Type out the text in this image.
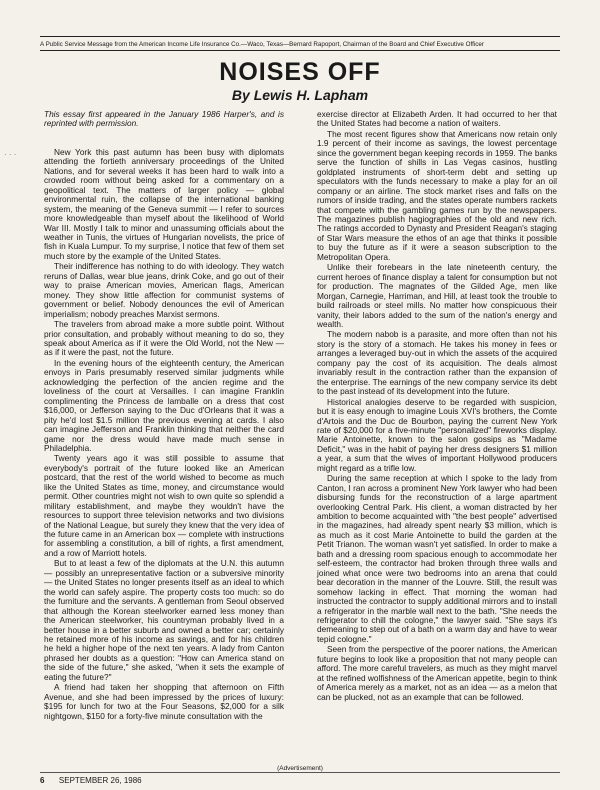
A Public Service Message from the American Income Life Insurance Co.—Waco, Texas—Bernard Rapoport, Chairman of the Board and Chief Executive Officer
NOISES OFF
By Lewis H. Lapham
· · ·

This essay first appeared in the January 1986 Harper's, and is reprinted with permission.

New York this past autumn has been busy with diplomats attending the fortieth anniversary proceedings of the United Nations, and for several weeks it has been hard to walk into a crowded room without being asked for a commentary on a geopolitical text. The matters of larger policy — global environmental ruin, the collapse of the international banking system, the meaning of the Geneva summit — I refer to sources more knowledgeable than myself about the likelihood of World War III. Mostly I talk to minor and unassuming officials about the weather in Tunis, the virtues of Hungarian novelists, the price of fish in Kuala Lumpur. To my surprise, I notice that few of them set much store by the example of the United States.

Their indifference has nothing to do with ideology. They watch reruns of Dallas, wear blue jeans, drink Coke, and go out of their way to praise American movies, American flags, American money. They show little affection for communist systems of government or belief. Nobody denounces the evil of American imperialism; nobody preaches Marxist sermons.

The travelers from abroad make a more subtle point. Without prior consultation, and probably without meaning to do so, they speak about America as if it were the Old World, not the New — as if it were the past, not the future.

In the evening hours of the eighteenth century, the American envoys in Paris presumably reserved similar judgments while acknowledging the perfection of the ancien regime and the loveliness of the court at Versailles. I can imagine Franklin complimenting the Princess de lamballe on a dress that cost $16,000, or Jefferson saying to the Duc d'Orleans that it was a pity he'd lost $1.5 million the previous evening at cards. I also can imagine Jefferson and Franklin thinking that neither the card game nor the dress would have made much sense in Philadelphia.

Twenty years ago it was still possible to assume that everybody's portrait of the future looked like an American postcard, that the rest of the world wished to become as much like the United States as time, money, and circumstance would permit. Other countries might not wish to own quite so splendid a military establishment, and maybe they wouldn't have the resources to support three television networks and two divisions of the National League, but surely they knew that the very idea of the future came in an American box — complete with instructions for assembling a constitution, a bill of rights, a first amendment, and a row of Marriott hotels.

But to at least a few of the diplomats at the U.N. this autumn — possibly an unrepresentative faction or a subversive minority — the United States no longer presents itself as an ideal to which the world can safely aspire. The property costs too much: so do the furniture and the servants. A gentleman from Seoul observed that although the Korean steelworker earned less money than the American steelworker, his countryman probably lived in a better house in a better suburb and owned a better car; certainly he retained more of his income as savings, and for his children he held a higher hope of the next ten years. A lady from Canton phrased her doubts as a question: "How can America stand on the side of the future," she asked, "when it sets the example of eating the future?"

A friend had taken her shopping that afternoon on Fifth Avenue, and she had been impressed by the prices of luxury: $195 for lunch for two at the Four Seasons, $2,000 for a silk nightgown, $150 for a forty-five minute consultation with the

exercise director at Elizabeth Arden. It had occurred to her that the United States had become a nation of waiters.

The most recent figures show that Americans now retain only 1.9 percent of their income as savings, the lowest percentage since the government began keeping records in 1959. The banks serve the function of shills in Las Vegas casinos, hustling goldplated instruments of short-term debt and setting up speculators with the funds necessary to make a play for an oil company or an airline. The stock market rises and falls on the rumors of inside trading, and the states operate numbers rackets that compete with the gambling games run by the newspapers. The magazines publish hagiographies of the old and new rich. The ratings accorded to Dynasty and President Reagan's staging of Star Wars measure the ethos of an age that thinks it possible to buy the future as if it were a season subscription to the Metropolitan Opera.

Unlike their forebears in the late nineteenth century, the current heroes of finance display a talent for consumption but not for production. The magnates of the Gilded Age, men like Morgan, Carnegie, Harriman, and Hill, at least took the trouble to build railroads or steel mills. No matter how conspicuous their vanity, their labors added to the sum of the nation's energy and wealth.

The modern nabob is a parasite, and more often than not his story is the story of a stomach. He takes his money in fees or arranges a leveraged buy-out in which the assets of the acquired company pay the cost of its acquisition. The deals almost invariably result in the contraction rather than the expansion of the enterprise. The earnings of the new company service its debt to the past instead of its development into the future.

Historical analogies deserve to be regarded with suspicion, but it is easy enough to imagine Louis XVI's brothers, the Comte d'Artois and the Duc de Bourbon, paying the current New York rate of $20,000 for a five-minute "personalized" fireworks display. Marie Antoinette, known to the salon gossips as "Madame Deficit," was in the habit of paying her dress designers $1 million a year, a sum that the wives of important Hollywood producers might regard as a trifle low.

During the same reception at which I spoke to the lady from Canton, I ran across a prominent New York lawyer who had been disbursing funds for the reconstruction of a large apartment overlooking Central Park. His client, a woman distracted by her ambition to become acquainted with "the best people" advertised in the magazines, had already spent nearly $3 million, which is as much as it cost Marie Antoinette to build the garden at the Petit Trianon. The woman wasn't yet satisfied. In order to make a bath and a dressing room spacious enough to accommodate her self-esteem, the contractor had broken through three walls and joined what once were two bedrooms into an arena that could bear decoration in the manner of the Louvre. Still, the result was somehow lacking in effect. That morning the woman had instructed the contractor to supply additional mirrors and to install a refrigerator in the marble wall next to the bath. "She needs the refrigerator to chill the cologne," the lawyer said. "She says it's demeaning to step out of a bath on a warm day and have to wear tepid cologne."

Seen from the perspective of the poorer nations, the American future begins to look like a proposition that not many people can afford. The more careful travelers, as much as they might marvel at the refined wolfishness of the American appetite, begin to think of America merely as a market, not as an idea — as a melon that can be plucked, not as an example that can be followed.

(Advertisement)
6 SEPTEMBER 26, 1986
